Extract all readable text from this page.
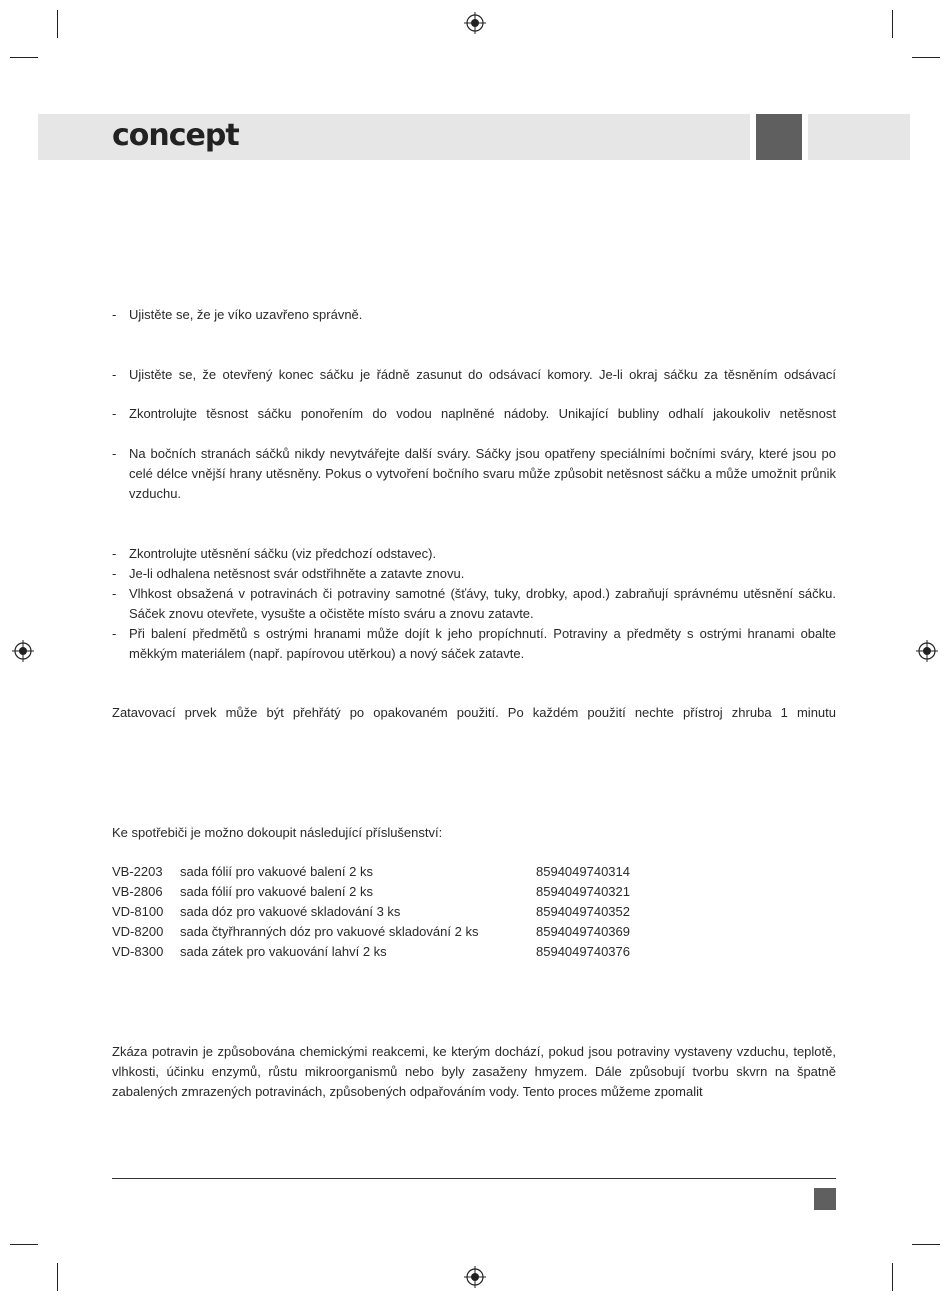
concept
- Ujistěte se, že je víko uzavřeno správně.
- Ujistěte se, že otevřený konec sáčku je řádně zasunut do odsávací komory. Je-li okraj sáčku za těsněním odsávací
- Zkontrolujte těsnost sáčku ponořením do vodou naplněné nádoby. Unikající bubliny odhalí jakoukoliv netěsnost
- Na bočních stranách sáčků nikdy nevytvářejte další sváry. Sáčky jsou opatřeny speciálními bočními sváry, které jsou po celé délce vnější hrany utěsněny. Pokus o vytvoření bočního svaru může způsobit netěsnost sáčku a může umožnit průnik vzduchu.
- Zkontrolujte utěsnění sáčku (viz předchozí odstavec).
- Je-li odhalena netěsnost svár odstřihněte a zatavte znovu.
- Vlhkost obsažená v potravinách či potraviny samotné (šťávy, tuky, drobky, apod.) zabraňují správnému utěsnění sáčku. Sáček znovu otevřete, vysušte a očistěte místo sváru a znovu zatavte.
- Při balení předmětů s ostrými hranami může dojít k jeho propíchnutí. Potraviny a předměty s ostrými hranami obalte měkkým materiálem (např. papírovou utěrkou) a nový sáček zatavte.
Zatavovací prvek může být přehřátý po opakovaném použití. Po každém použití nechte přístroj zhruba 1 minutu
Ke spotřebiči je možno dokoupit následující příslušenství:
VB-2203 sada fólií pro vakuové balení 2 ks	8594049740314
VB-2806 sada fólií pro vakuové balení 2 ks	8594049740321
VD-8100 sada dóz pro vakuové skladování 3 ks	8594049740352
VD-8200 sada čtyřhranných dóz pro vakuové skladování 2 ks	8594049740369
VD-8300 sada zátek pro vakuování lahví 2 ks	8594049740376
Zkáza potravin je způsobována chemickými reakcemi, ke kterým dochází, pokud jsou potraviny vystaveny vzduchu, teplotě, vlhkosti, účinku enzymů, růstu mikroorganismů nebo byly zasaženy hmyzem. Dále způsobují tvorbu skvrn na špatně zabalených zmrazených potravinách, způsobených odpařováním vody. Tento proces můžeme zpomalit
